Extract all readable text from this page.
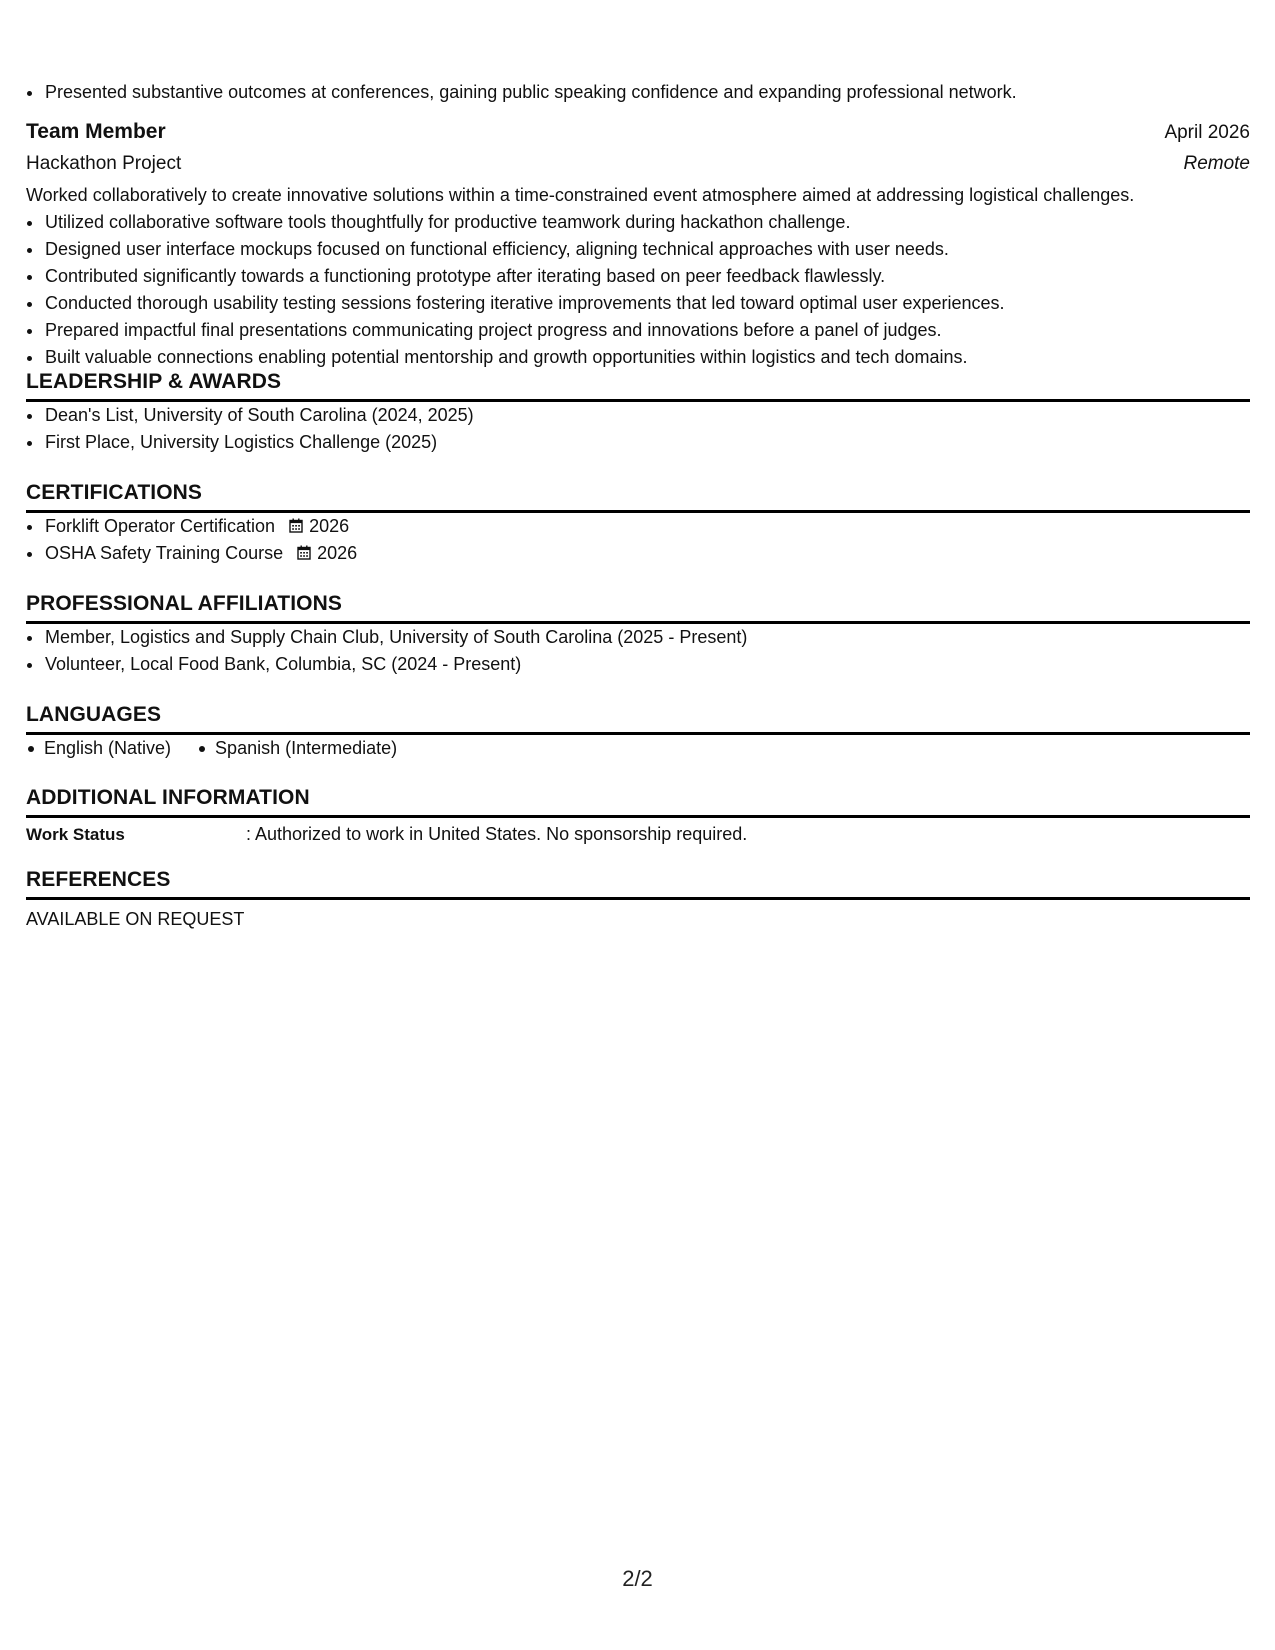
• Presented substantive outcomes at conferences, gaining public speaking confidence and expanding professional network.
Team Member	April 2026
Hackathon Project	Remote
Worked collaboratively to create innovative solutions within a time-constrained event atmosphere aimed at addressing logistical challenges.
• Utilized collaborative software tools thoughtfully for productive teamwork during hackathon challenge.
• Designed user interface mockups focused on functional efficiency, aligning technical approaches with user needs.
• Contributed significantly towards a functioning prototype after iterating based on peer feedback flawlessly.
• Conducted thorough usability testing sessions fostering iterative improvements that led toward optimal user experiences.
• Prepared impactful final presentations communicating project progress and innovations before a panel of judges.
• Built valuable connections enabling potential mentorship and growth opportunities within logistics and tech domains.
LEADERSHIP & AWARDS
• Dean's List, University of South Carolina (2024, 2025)
• First Place, University Logistics Challenge (2025)
CERTIFICATIONS
• Forklift Operator Certification 2026
• OSHA Safety Training Course 2026
PROFESSIONAL AFFILIATIONS
• Member, Logistics and Supply Chain Club, University of South Carolina (2025 - Present)
• Volunteer, Local Food Bank, Columbia, SC (2024 - Present)
LANGUAGES
English (Native)	Spanish (Intermediate)
ADDITIONAL INFORMATION
Work Status	: Authorized to work in United States. No sponsorship required.
REFERENCES
AVAILABLE ON REQUEST
2/2
